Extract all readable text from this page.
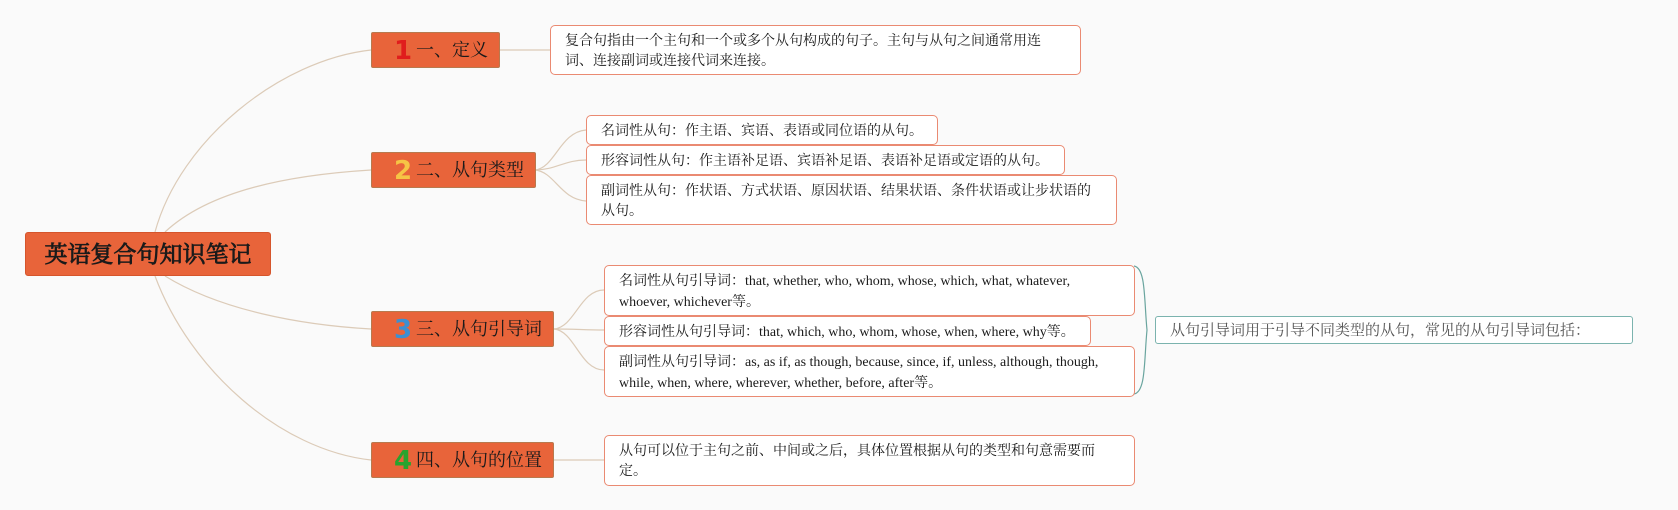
英语复合句知识笔记
1 一、定义
2 二、从句类型
3 三、从句引导词
4 四、从句的位置
复合句指由一个主句和一个或多个从句构成的句子。主句与从句之间通常用连词、连接副词或连接代词来连接。
名词性从句：作主语、宾语、表语或同位语的从句。
形容词性从句：作主语补足语、宾语补足语、表语补足语或定语的从句。
副词性从句：作状语、方式状语、原因状语、结果状语、条件状语或让步状语的从句。
名词性从句引导词：that, whether, who, whom, whose, which, what, whatever, whoever, whichever等。
形容词性从句引导词：that, which, who, whom, whose, when, where, why等。
副词性从句引导词：as, as if, as though, because, since, if, unless, although, though, while, when, where, wherever, whether, before, after等。
从句可以位于主句之前、中间或之后，具体位置根据从句的类型和句意需要而定。
从句引导词用于引导不同类型的从句，常见的从句引导词包括：
